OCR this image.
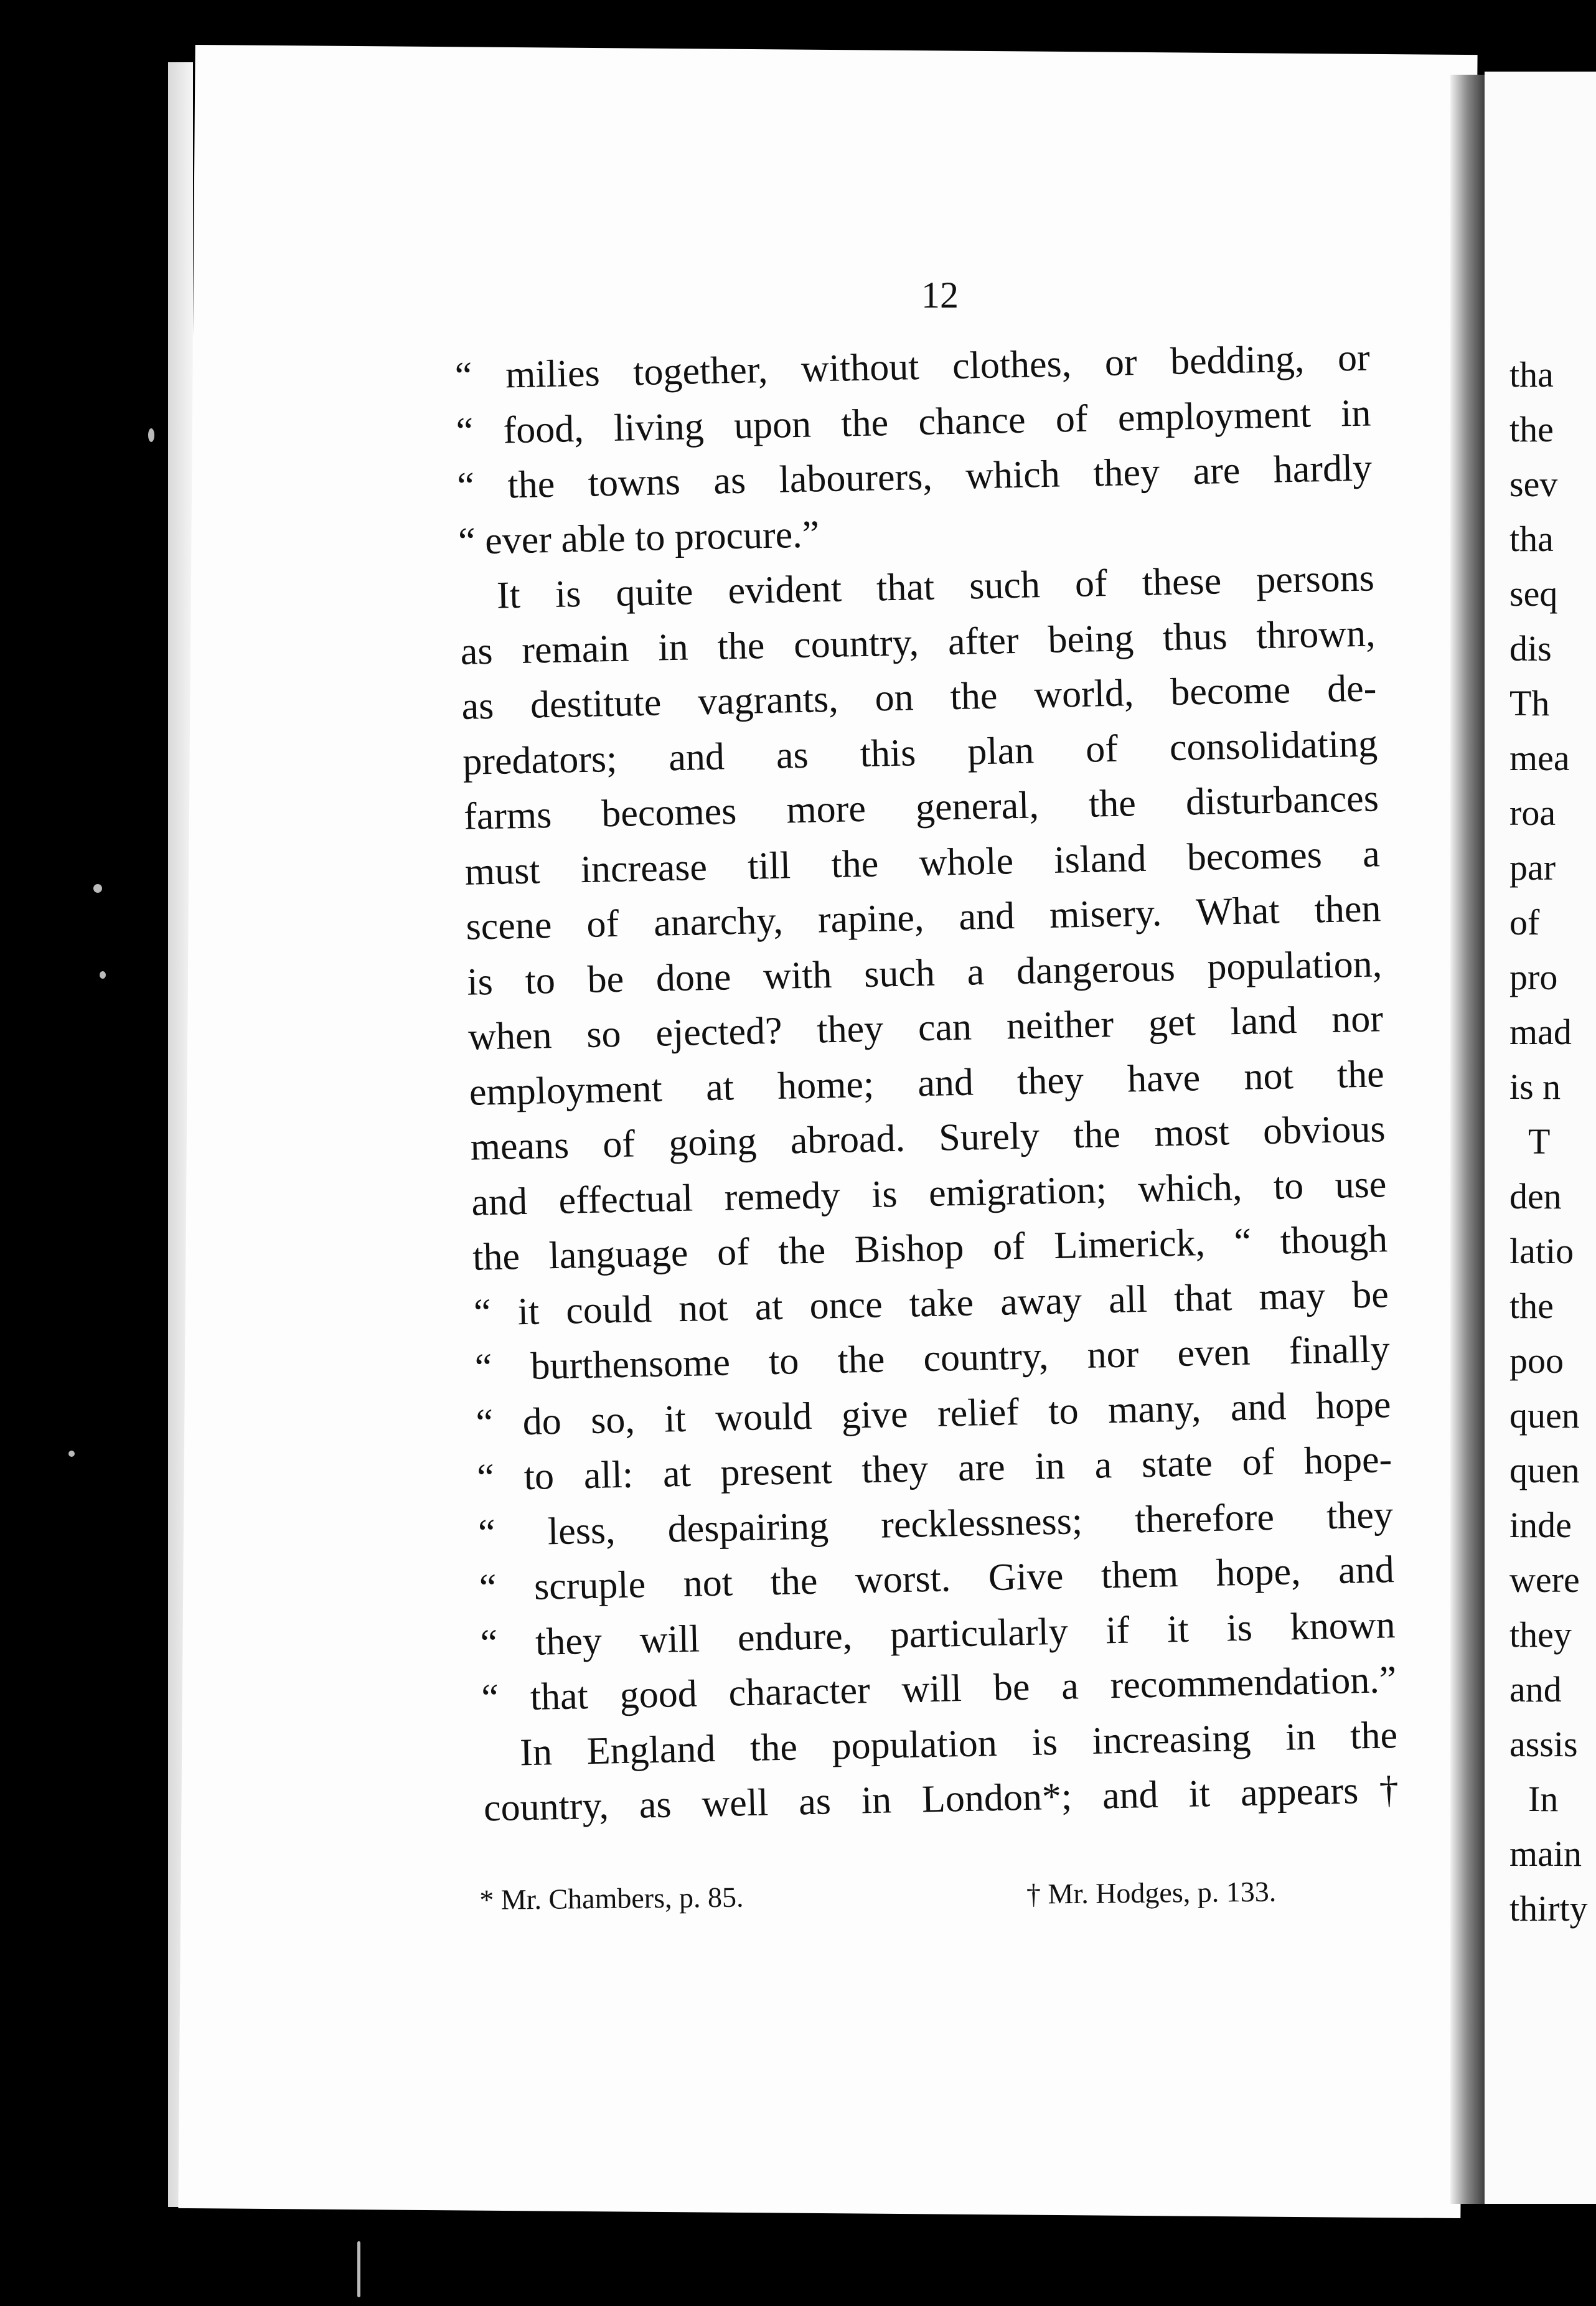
tha
the
sev
tha
seq
dis
Th
mea
roa
par
of
pro
mad
is n
T
den
latio
the
poo
quen
quen
inde
were
they
and
assis
In
main
thirty
12
“ milies together, without clothes, or bedding, or
“ food, living upon the chance of employment in
“ the towns as labourers, which they are hardly
“ ever able to procure.”
It is quite evident that such of these persons
as remain in the country, after being thus thrown,
as destitute vagrants, on the world, become de-
predators; and as this plan of consolidating
farms becomes more general, the disturbances
must increase till the whole island becomes a
scene of anarchy, rapine, and misery. What then
is to be done with such a dangerous population,
when so ejected? they can neither get land nor
employment at home; and they have not the
means of going abroad. Surely the most obvious
and effectual remedy is emigration; which, to use
the language of the Bishop of Limerick, “ though
“ it could not at once take away all that may be
“ burthensome to the country, nor even finally
“ do so, it would give relief to many, and hope
“ to all: at present they are in a state of hope-
“ less, despairing recklessness; therefore they
“ scruple not the worst. Give them hope, and
“ they will endure, particularly if it is known
“ that good character will be a recommendation.”
In England the population is increasing in the
country, as well as in London*; and it appears†
* Mr. Chambers, p. 85.	† Mr. Hodges, p. 133.
